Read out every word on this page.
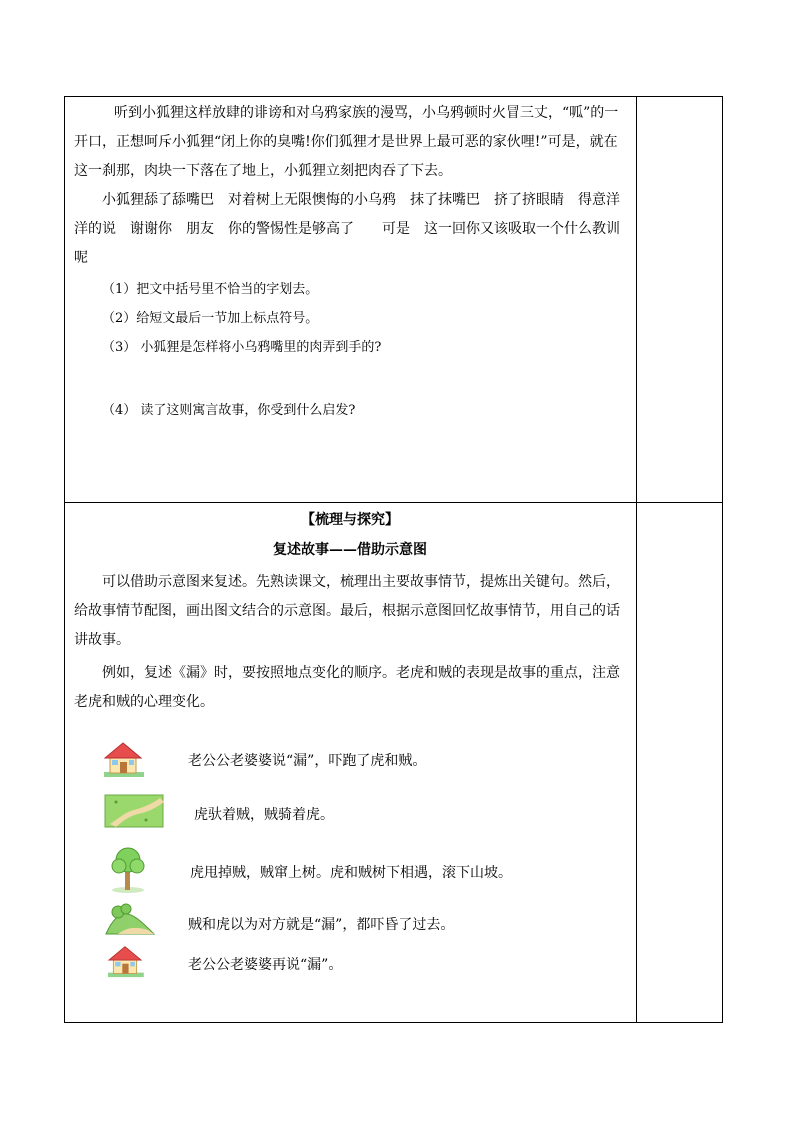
听到小狐狸这样放肆的诽谤和对乌鸦家族的漫骂，小乌鸦顿时火冒三丈，“呱”的一开口，正想呵斥小狐狸“闭上你的臭嘴!你们狐狸才是世界上最可恶的家伙哩!”可是，就在这一刹那，肉块一下落在了地上，小狐狸立刻把肉吞了下去。

小狐狸舔了舔嘴巴　对着树上无限懊悔的小乌鸦　抹了抹嘴巴　挤了挤眼睛　得意洋洋的说　谢谢你　朋友　你的警惕性是够高了　　可是　这一回你又该吸取一个什么教训呢

（1）把文中括号里不恰当的字划去。

（2）给短文最后一节加上标点符号。

（3） 小狐狸是怎样将小乌鸦嘴里的肉弄到手的?

（4） 读了这则寓言故事，你受到什么启发?

【梳理与探究】

复述故事——借助示意图

可以借助示意图来复述。先熟读课文，梳理出主要故事情节，提炼出关键句。然后，给故事情节配图，画出图文结合的示意图。最后，根据示意图回忆故事情节，用自己的话讲故事。

例如，复述《漏》时，要按照地点变化的顺序。老虎和贼的表现是故事的重点，注意老虎和贼的心理变化。

老公公老婆婆说“漏”，吓跑了虎和贼。
虎驮着贼，贼骑着虎。
虎甩掉贼，贼窜上树。虎和贼树下相遇，滚下山坡。
贼和虎以为对方就是“漏”，都吓昏了过去。
老公公老婆婆再说“漏”。
